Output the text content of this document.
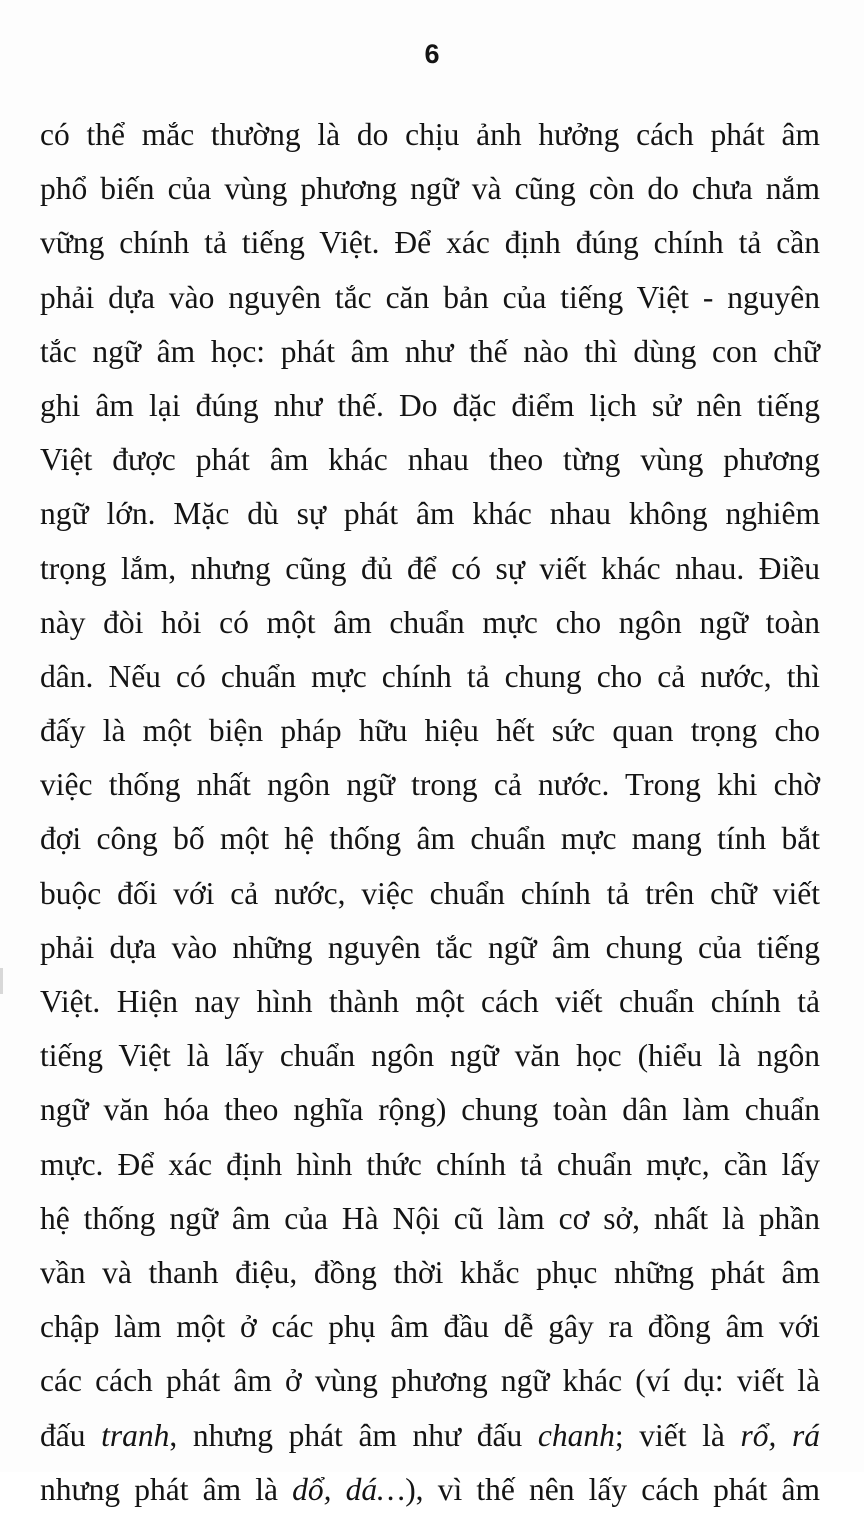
6
có thể mắc thường là do chịu ảnh hưởng cách phát âm
phổ biến của vùng phương ngữ và cũng còn do chưa nắm
vững chính tả tiếng Việt. Để xác định đúng chính tả cần
phải dựa vào nguyên tắc căn bản của tiếng Việt - nguyên
tắc ngữ âm học: phát âm như thế nào thì dùng con chữ
ghi âm lại đúng như thế. Do đặc điểm lịch sử nên tiếng
Việt được phát âm khác nhau theo từng vùng phương
ngữ lớn. Mặc dù sự phát âm khác nhau không nghiêm
trọng lắm, nhưng cũng đủ để có sự viết khác nhau. Điều
này đòi hỏi có một âm chuẩn mực cho ngôn ngữ toàn
dân. Nếu có chuẩn mực chính tả chung cho cả nước, thì
đấy là một biện pháp hữu hiệu hết sức quan trọng cho
việc thống nhất ngôn ngữ trong cả nước. Trong khi chờ
đợi công bố một hệ thống âm chuẩn mực mang tính bắt
buộc đối với cả nước, việc chuẩn chính tả trên chữ viết
phải dựa vào những nguyên tắc ngữ âm chung của tiếng
Việt. Hiện nay hình thành một cách viết chuẩn chính tả
tiếng Việt là lấy chuẩn ngôn ngữ văn học (hiểu là ngôn
ngữ văn hóa theo nghĩa rộng) chung toàn dân làm chuẩn
mực. Để xác định hình thức chính tả chuẩn mực, cần lấy
hệ thống ngữ âm của Hà Nội cũ làm cơ sở, nhất là phần
vần và thanh điệu, đồng thời khắc phục những phát âm
chập làm một ở các phụ âm đầu dễ gây ra đồng âm với
các cách phát âm ở vùng phương ngữ khác (ví dụ: viết là
đấu tranh, nhưng phát âm như đấu chanh; viết là rổ, rá
nhưng phát âm là dổ, dá…), vì thế nên lấy cách phát âm
